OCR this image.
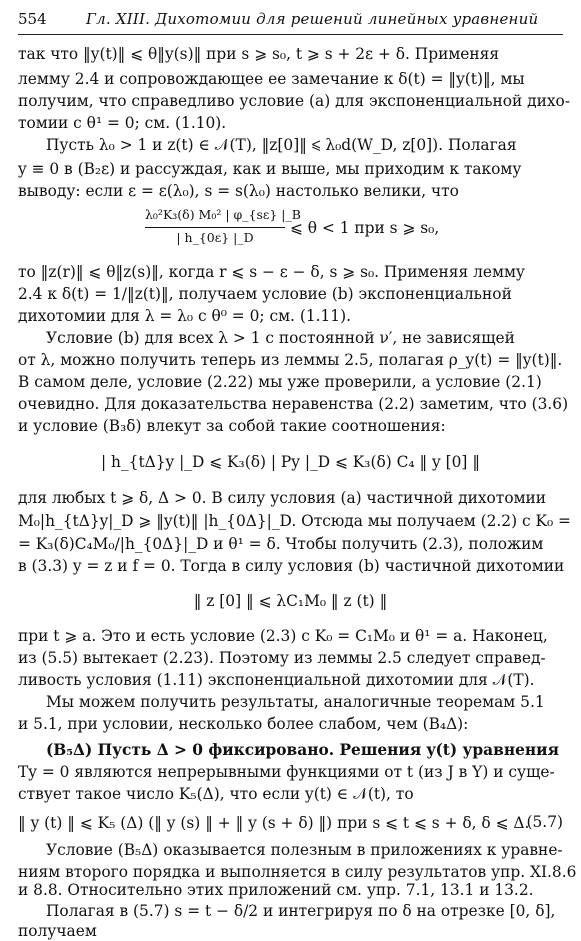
554	Гл. XIII. Дихотомии для решений линейных уравнений
так что ‖y(t)‖ ⩽ θ‖y(s)‖ при s ⩾ s₀, t ⩾ s + 2ε + δ. Применяя
лемму 2.4 и сопровождающее ее замечание к δ(t) = ‖y(t)‖, мы
получим, что справедливо условие (a) для экспоненциальной дихо-
томии с θ¹ = 0; см. (1.10).
Пусть λ₀ > 1 и z(t) ∈ 𝒩(T), ‖z[0]‖ ⩽ λ₀d(W_D, z[0]). Полагая
y ≡ 0 в (B₂ε) и рассуждая, как и выше, мы приходим к такому
выводу: если ε = ε(λ₀), s = s(λ₀) настолько велики, что
λ₀²K₃(δ) M₀² | φ_{sε} |_B
| h_{0ε} |_D
⩽ θ < 1 при s ⩾ s₀,
то ‖z(r)‖ ⩽ θ‖z(s)‖, когда r ⩽ s − ε − δ, s ⩾ s₀. Применяя лемму
2.4 к δ(t) = 1/‖z(t)‖, получаем условие (b) экспоненциальной
дихотомии для λ = λ₀ с θ⁰ = 0; см. (1.11).
Условие (b) для всех λ > 1 с постоянной ν′, не зависящей
от λ, можно получить теперь из леммы 2.5, полагая ρ_y(t) = ‖y(t)‖.
В самом деле, условие (2.22) мы уже проверили, а условие (2.1)
очевидно. Для доказательства неравенства (2.2) заметим, что (3.6)
и условие (B₃δ) влекут за собой такие соотношения:
| h_{tΔ}y |_D ⩽ K₃(δ) | Py |_D ⩽ K₃(δ) C₄ ‖ y [0] ‖
для любых t ⩾ δ, Δ > 0. В силу условия (a) частичной дихотомии
M₀|h_{tΔ}y|_D ⩾ ‖y(t)‖ |h_{0Δ}|_D. Отсюда мы получаем (2.2) с K₀ =
= K₃(δ)C₄M₀/|h_{0Δ}|_D и θ¹ = δ. Чтобы получить (2.3), положим
в (3.3) y = z и f = 0. Тогда в силу условия (b) частичной дихотомии
‖ z [0] ‖ ⩽ λC₁M₀ ‖ z (t) ‖
при t ⩾ a. Это и есть условие (2.3) с K₀ = C₁M₀ и θ¹ = a. Наконец,
из (5.5) вытекает (2.23). Поэтому из леммы 2.5 следует справед-
ливость условия (1.11) экспоненциальной дихотомии для 𝒩(T).
Мы можем получить результаты, аналогичные теоремам 5.1
и 5.1, при условии, несколько более слабом, чем (B₄Δ):
(B₅Δ) Пусть Δ > 0 фиксировано. Решения y(t) уравнения
Ty = 0 являются непрерывными функциями от t (из J в Y) и суще-
ствует такое число K₅(Δ), что если y(t) ∈ 𝒩(t), то
‖ y (t) ‖ ⩽ K₅ (Δ) (‖ y (s) ‖ + ‖ y (s + δ) ‖) при s ⩽ t ⩽ s + δ, δ ⩽ Δ.
(5.7)
Условие (B₅Δ) оказывается полезным в приложениях к уравне-
ниям второго порядка и выполняется в силу результатов упр. XI.8.6
и 8.8. Относительно этих приложений см. упр. 7.1, 13.1 и 13.2.
Полагая в (5.7) s = t − δ/2 и интегрируя по δ на отрезке [0, δ],
получаем
